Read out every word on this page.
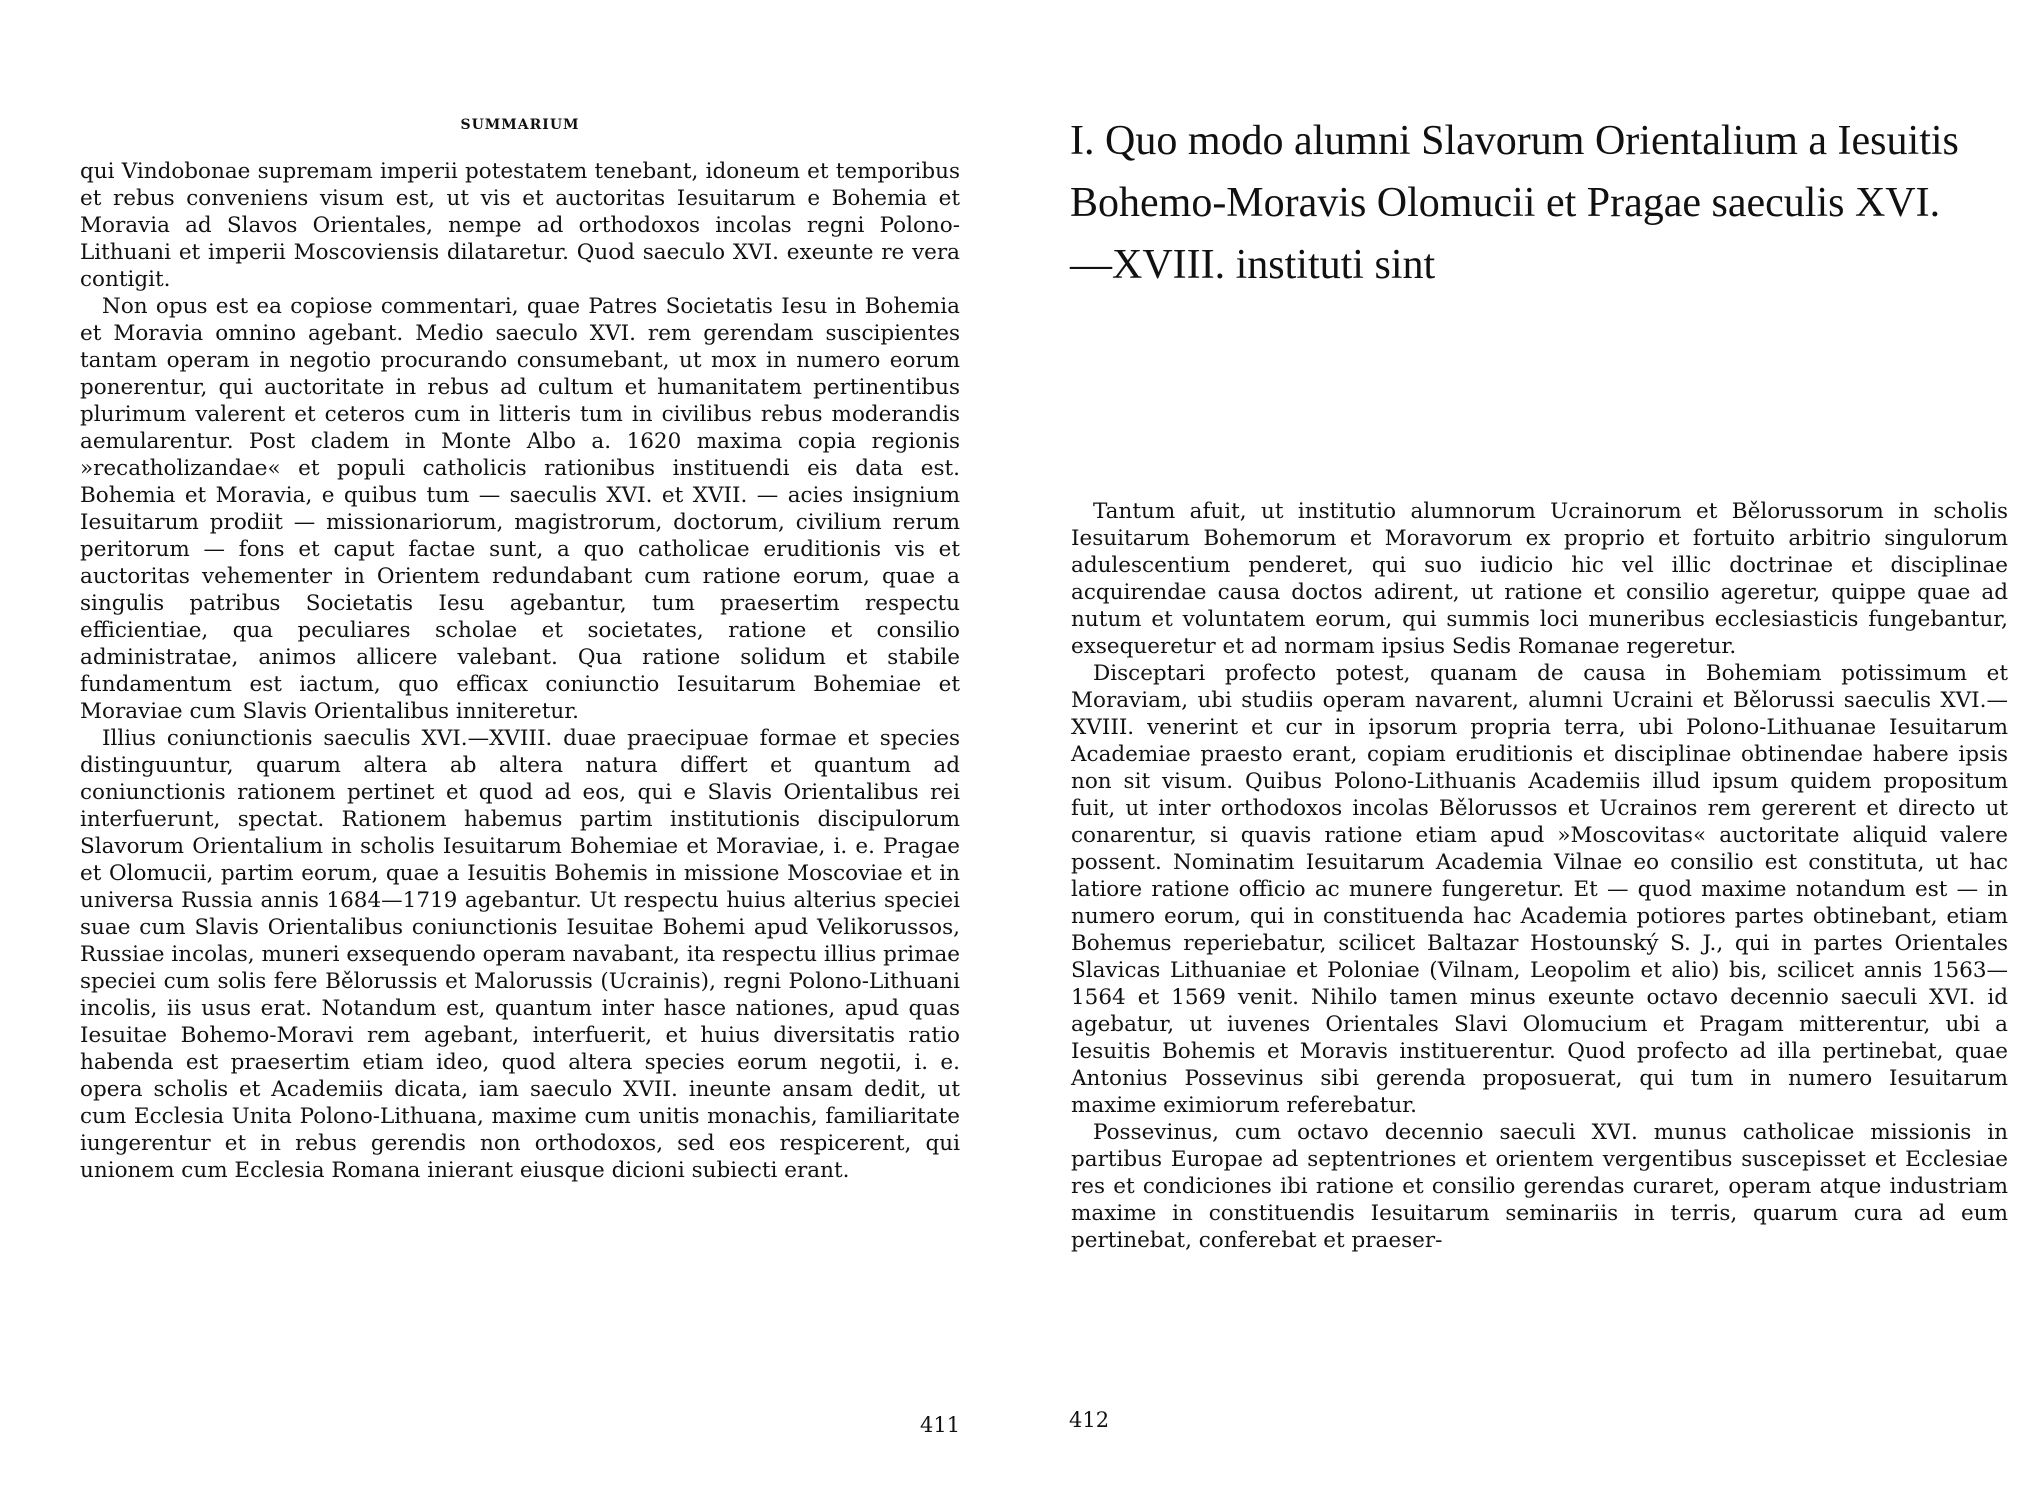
SUMMARIUM

qui Vindobonae supremam imperii potestatem tenebant, idoneum et temporibus et rebus conveniens visum est, ut vis et auctoritas Iesuitarum e Bohemia et Moravia ad Slavos Orientales, nempe ad orthodoxos incolas regni Polono-Lithuani et imperii Moscoviensis dilataretur. Quod saeculo XVI. exeunte re vera contigit.

Non opus est ea copiose commentari, quae Patres Societatis Iesu in Bohemia et Moravia omnino agebant. Medio saeculo XVI. rem gerendam suscipientes tantam operam in negotio procurando consumebant, ut mox in numero eorum ponerentur, qui auctoritate in rebus ad cultum et humanitatem pertinentibus plurimum valerent et ceteros cum in litteris tum in civilibus rebus moderandis aemularentur. Post cladem in Monte Albo a. 1620 maxima copia regionis »recatholizandae« et populi catholicis rationibus instituendi eis data est. Bohemia et Moravia, e quibus tum — saeculis XVI. et XVII. — acies insignium Iesuitarum prodiit — missionariorum, magistrorum, doctorum, civilium rerum peritorum — fons et caput factae sunt, a quo catholicae eruditionis vis et auctoritas vehementer in Orientem redundabant cum ratione eorum, quae a singulis patribus Societatis Iesu agebantur, tum praesertim respectu efficientiae, qua peculiares scholae et societates, ratione et consilio administratae, animos allicere valebant. Qua ratione solidum et stabile fundamentum est iactum, quo efficax coniunctio Iesuitarum Bohemiae et Moraviae cum Slavis Orientalibus inniteretur.

Illius coniunctionis saeculis XVI.—XVIII. duae praecipuae formae et species distinguuntur, quarum altera ab altera natura differt et quantum ad coniunctionis rationem pertinet et quod ad eos, qui e Slavis Orientalibus rei interfuerunt, spectat. Rationem habemus partim institutionis discipulorum Slavorum Orientalium in scholis Iesuitarum Bohemiae et Moraviae, i. e. Pragae et Olomucii, partim eorum, quae a Iesuitis Bohemis in missione Moscoviae et in universa Russia annis 1684—1719 agebantur. Ut respectu huius alterius speciei suae cum Slavis Orientalibus coniunctionis Iesuitae Bohemi apud Velikorussos, Russiae incolas, muneri exsequendo operam navabant, ita respectu illius primae speciei cum solis fere Bělorussis et Malorussis (Ucrainis), regni Polono-Lithuani incolis, iis usus erat. Notandum est, quantum inter hasce nationes, apud quas Iesuitae Bohemo-Moravi rem agebant, interfuerit, et huius diversitatis ratio habenda est praesertim etiam ideo, quod altera species eorum negotii, i. e. opera scholis et Academiis dicata, iam saeculo XVII. ineunte ansam dedit, ut cum Ecclesia Unita Polono-Lithuana, maxime cum unitis monachis, familiaritate iungerentur et in rebus gerendis non orthodoxos, sed eos respicerent, qui unionem cum Ecclesia Romana inierant eiusque dicioni subiecti erant.

411
I. Quo modo alumni Slavorum Orientalium a Iesuitis Bohemo-Moravis Olomucii et Pragae saeculis XVI.—XVIII. instituti sint

Tantum afuit, ut institutio alumnorum Ucrainorum et Bělorussorum in scholis Iesuitarum Bohemorum et Moravorum ex proprio et fortuito arbitrio singulorum adulescentium penderet, qui suo iudicio hic vel illic doctrinae et disciplinae acquirendae causa doctos adirent, ut ratione et consilio ageretur, quippe quae ad nutum et voluntatem eorum, qui summis loci muneribus ecclesiasticis fungebantur, exsequeretur et ad normam ipsius Sedis Romanae regeretur.

Disceptari profecto potest, quanam de causa in Bohemiam potissimum et Moraviam, ubi studiis operam navarent, alumni Ucraini et Bělorussi saeculis XVI.—XVIII. venerint et cur in ipsorum propria terra, ubi Polono-Lithuanae Iesuitarum Academiae praesto erant, copiam eruditionis et disciplinae obtinendae habere ipsis non sit visum. Quibus Polono-Lithuanis Academiis illud ipsum quidem propositum fuit, ut inter orthodoxos incolas Bělorussos et Ucrainos rem gererent et directo ut conarentur, si quavis ratione etiam apud »Moscovitas« auctoritate aliquid valere possent. Nominatim Iesuitarum Academia Vilnae eo consilio est constituta, ut hac latiore ratione officio ac munere fungeretur. Et — quod maxime notandum est — in numero eorum, qui in constituenda hac Academia potiores partes obtinebant, etiam Bohemus reperiebatur, scilicet Baltazar Hostounský S. J., qui in partes Orientales Slavicas Lithuaniae et Poloniae (Vilnam, Leopolim et alio) bis, scilicet annis 1563—1564 et 1569 venit. Nihilo tamen minus exeunte octavo decennio saeculi XVI. id agebatur, ut iuvenes Orientales Slavi Olomucium et Pragam mitterentur, ubi a Iesuitis Bohemis et Moravis instituerentur. Quod profecto ad illa pertinebat, quae Antonius Possevinus sibi gerenda proposuerat, qui tum in numero Iesuitarum maxime eximiorum referebatur.

Possevinus, cum octavo decennio saeculi XVI. munus catholicae missionis in partibus Europae ad septentriones et orientem vergentibus suscepisset et Ecclesiae res et condiciones ibi ratione et consilio gerendas curaret, operam atque industriam maxime in constituendis Iesuitarum seminariis in terris, quarum cura ad eum pertinebat, conferebat et praeser-

412
